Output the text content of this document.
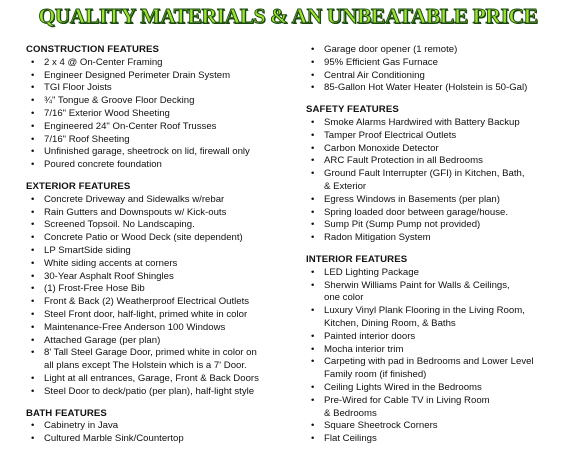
QUALITY MATERIALS & AN UNBEATABLE PRICE
CONSTRUCTION FEATURES
• 2 x 4 @ On-Center Framing
• Engineer Designed Perimeter Drain System
• TGI Floor Joists
• ¾" Tongue & Groove Floor Decking
• 7/16" Exterior Wood Sheeting
• Engineered 24" On-Center Roof Trusses
• 7/16" Roof Sheeting
• Unfinished garage, sheetrock on lid, firewall only
• Poured concrete foundation
EXTERIOR FEATURES
• Concrete Driveway and Sidewalks w/rebar
• Rain Gutters and Downspouts w/ Kick-outs
• Screened Topsoil. No Landscaping.
• Concrete Patio or Wood Deck (site dependent)
• LP SmartSide siding
• White siding accents at corners
• 30-Year Asphalt Roof Shingles
• (1) Frost-Free Hose Bib
• Front & Back (2) Weatherproof Electrical Outlets
• Steel Front door, half-light, primed white in color
• Maintenance-Free Anderson 100 Windows
• Attached Garage (per plan)
• 8' Tall Steel Garage Door, primed white in color on
all plans except The Holstein which is a 7' Door.
• Light at all entrances, Garage, Front & Back Doors
• Steel Door to deck/patio (per plan), half-light style
BATH FEATURES
• Cabinetry in Java
• Cultured Marble Sink/Countertop
• Garage door opener (1 remote)
• 95% Efficient Gas Furnace
• Central Air Conditioning
• 85-Gallon Hot Water Heater (Holstein is 50-Gal)
SAFETY FEATURES
• Smoke Alarms Hardwired with Battery Backup
• Tamper Proof Electrical Outlets
• Carbon Monoxide Detector
• ARC Fault Protection in all Bedrooms
• Ground Fault Interrupter (GFI) in Kitchen, Bath,
& Exterior
• Egress Windows in Basements (per plan)
• Spring loaded door between garage/house.
• Sump Pit (Sump Pump not provided)
• Radon Mitigation System
INTERIOR FEATURES
• LED Lighting Package
• Sherwin Williams Paint for Walls & Ceilings,
one color
• Luxury Vinyl Plank Flooring in the Living Room,
Kitchen, Dining Room, & Baths
• Painted interior doors
• Mocha interior trim
• Carpeting with pad in Bedrooms and Lower Level
Family room (if finished)
• Ceiling Lights Wired in the Bedrooms
• Pre-Wired for Cable TV in Living Room
& Bedrooms
• Square Sheetrock Corners
• Flat Ceilings
